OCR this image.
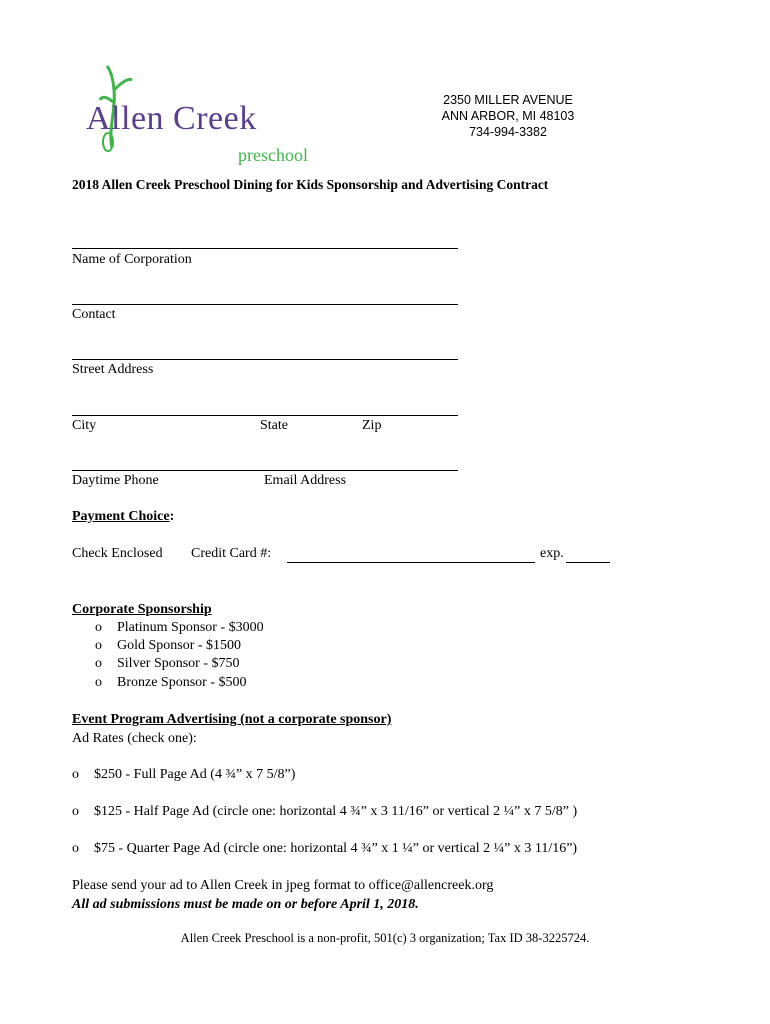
Allen Creek
preschool
2350 MILLER AVENUE
ANN ARBOR, MI 48103
734-994-3382
2018 Allen Creek Preschool Dining for Kids Sponsorship and Advertising Contract
Name of Corporation
Contact
Street Address
City	State	Zip
Daytime Phone	Email Address
Payment Choice:
Check Enclosed Credit Card #:	exp.
Corporate Sponsorship
o Platinum Sponsor - $3000
o Gold Sponsor - $1500
o Silver Sponsor - $750
o Bronze Sponsor - $500
Event Program Advertising (not a corporate sponsor)
Ad Rates (check one):
o $250 - Full Page Ad (4 ¾” x 7 5/8”)
o $125 - Half Page Ad (circle one: horizontal 4 ¾” x 3 11/16” or vertical 2 ¼” x 7 5/8” )
o $75 - Quarter Page Ad (circle one: horizontal 4 ¾” x 1 ¼” or vertical 2 ¼” x 3 11/16”)
Please send your ad to Allen Creek in jpeg format to office@allencreek.org
All ad submissions must be made on or before April 1, 2018.
Allen Creek Preschool is a non-profit, 501(c) 3 organization; Tax ID 38-3225724.
